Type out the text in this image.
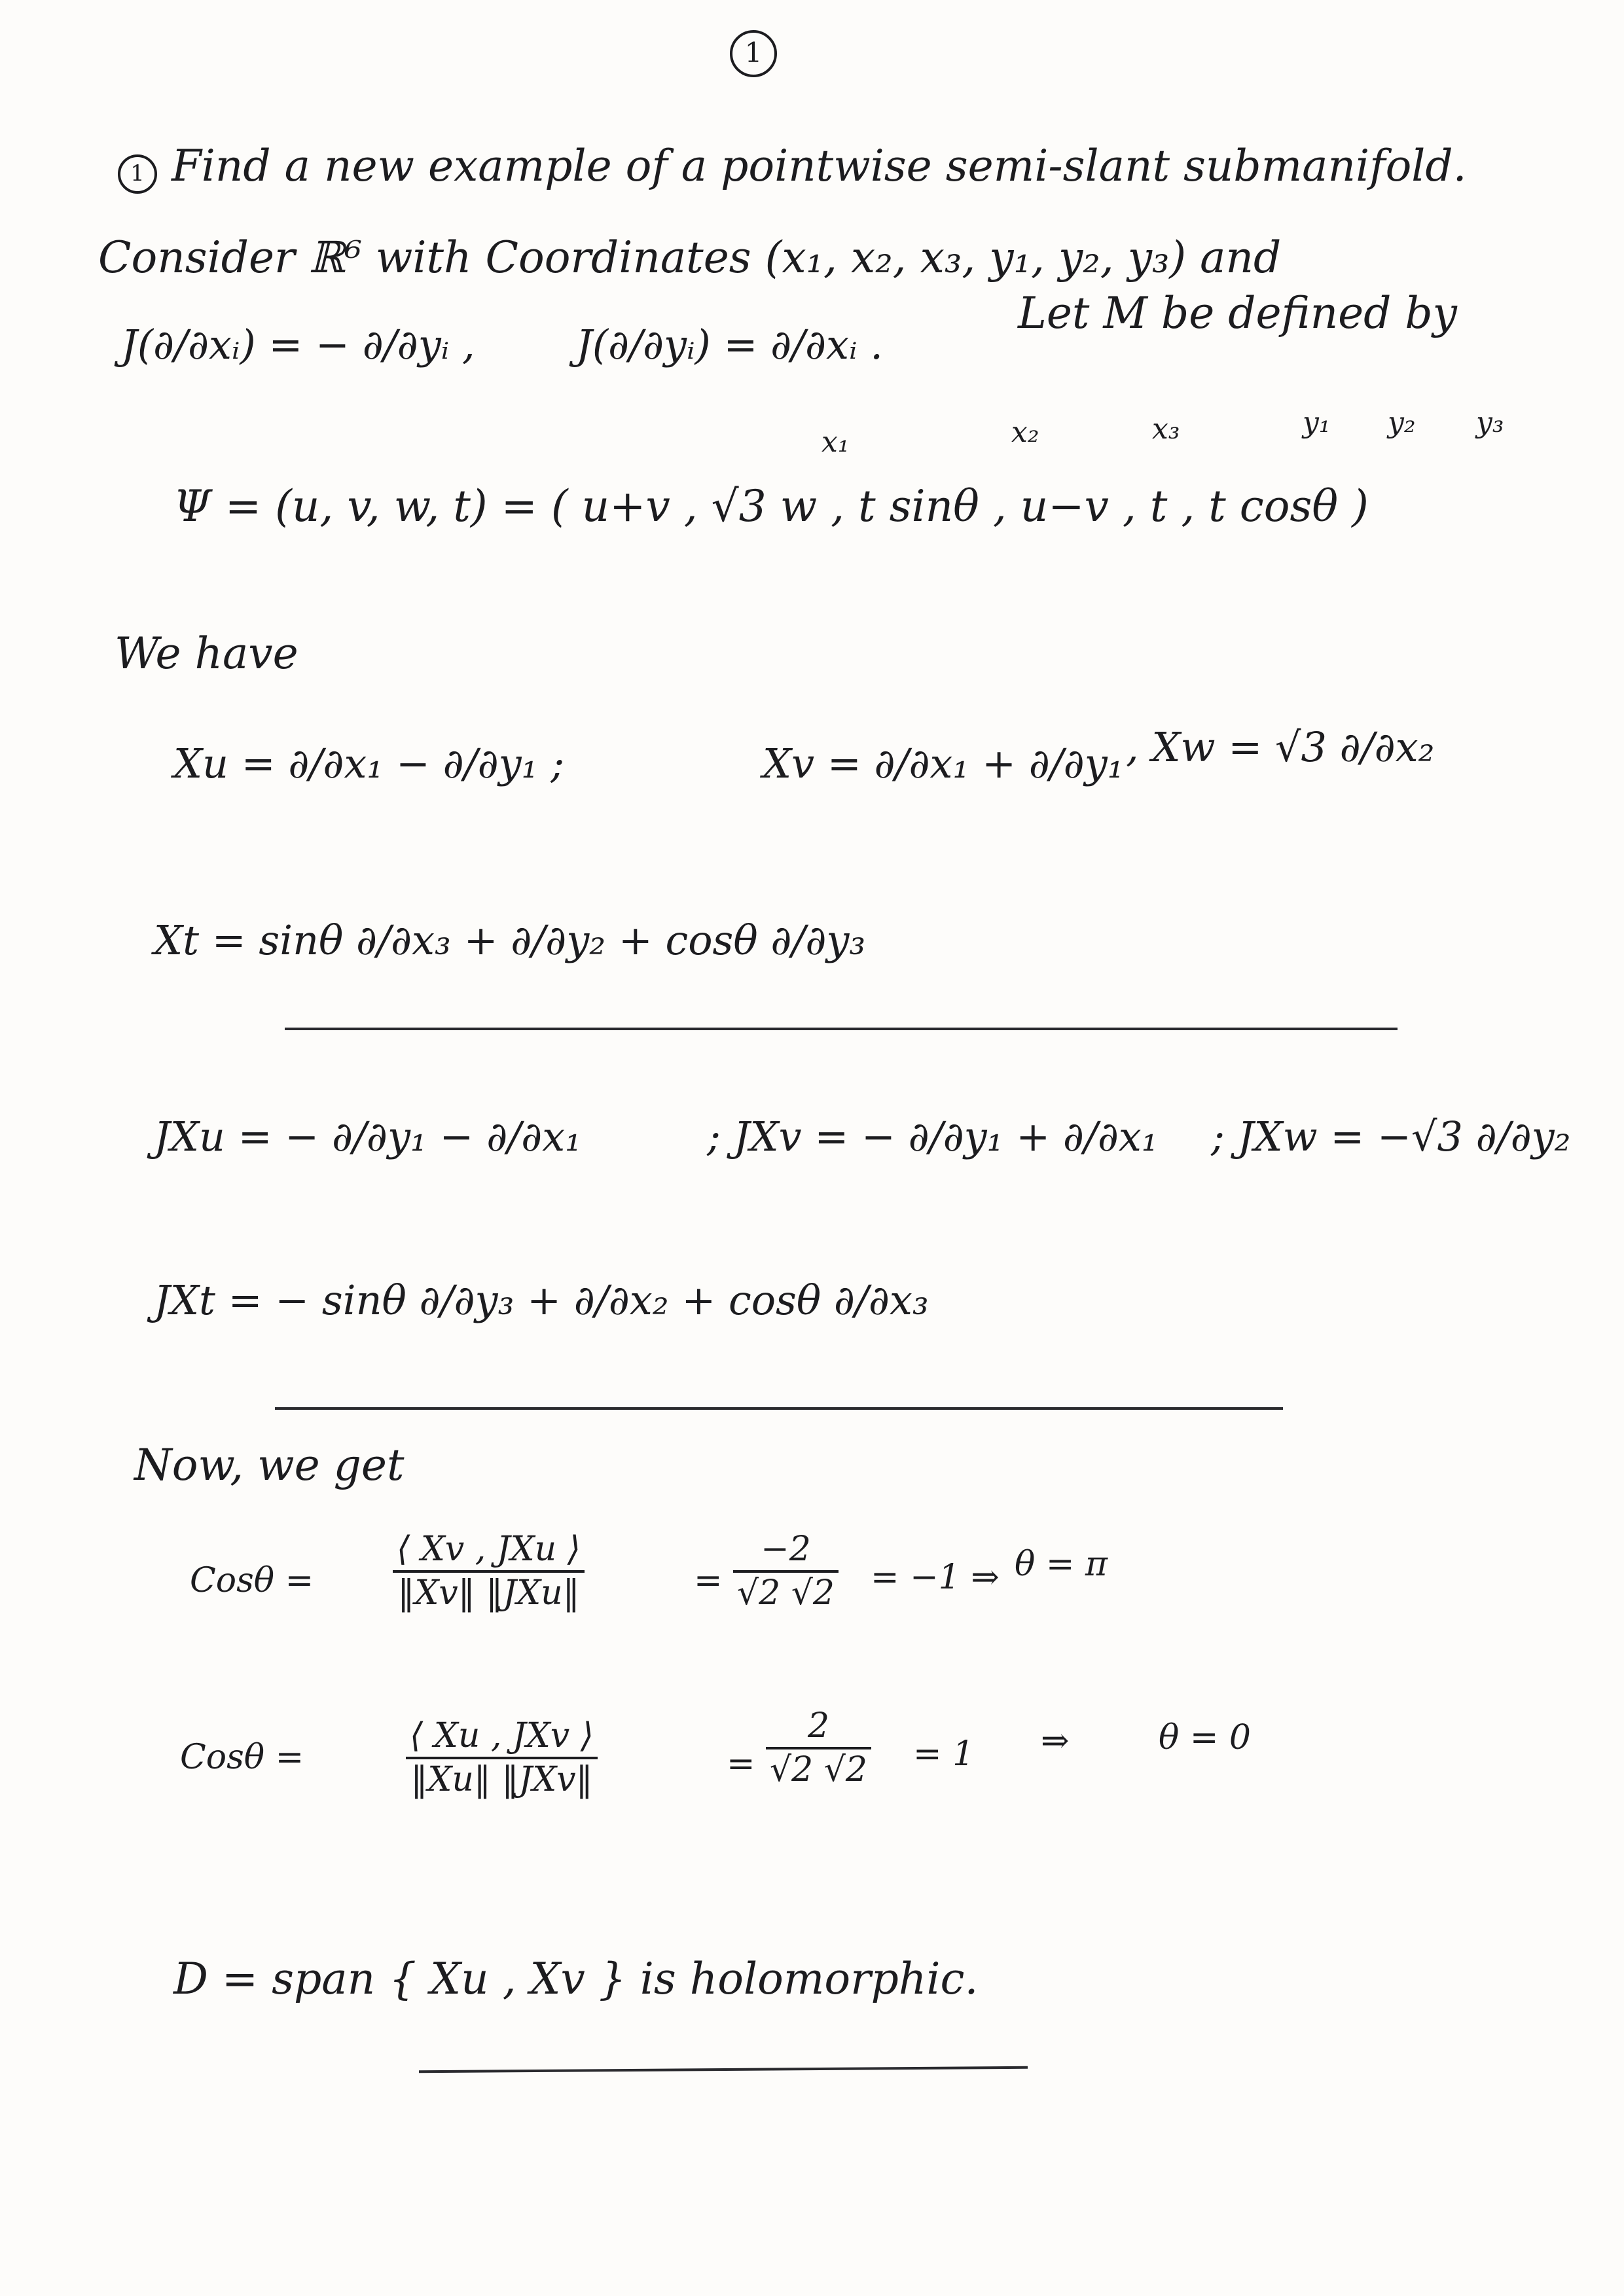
1
1 Find a new example of a pointwise semi-slant submanifold.
Consider ℝ⁶ with Coordinates (x₁, x₂, x₃, y₁, y₂, y₃) and
J(∂/∂xᵢ) = − ∂/∂yᵢ , J(∂/∂yᵢ) = ∂/∂xᵢ .
Let M be defined by
x₁	x₂	x₃	y₁ y₂ y₃
Ψ = (u, v, w, t) = ( u+v , √3 w , t sinθ , u−v , t , t cosθ )
We have
Xu = ∂/∂x₁ − ∂/∂y₁ ;	Xv = ∂/∂x₁ + ∂/∂y₁ , Xw = √3 ∂/∂x₂
Xt = sinθ ∂/∂x₃ + ∂/∂y₂ + cosθ ∂/∂y₃
JXu = − ∂/∂y₁ − ∂/∂x₁	; JXv = − ∂/∂y₁ + ∂/∂x₁ ; JXw = −√3 ∂/∂y₂
JXt = − sinθ ∂/∂y₃ + ∂/∂x₂ + cosθ ∂/∂x₃
Now, we get
Cosθ =
⟨ Xv , JXu ⟩
‖Xv‖ ‖JXu‖	=
−2
√2 √2 = −1 ⇒ θ = π
Cosθ =
⟨ Xu , JXv ⟩
‖Xu‖ ‖JXv‖	=
2
√2 √2 = 1 ⇒	θ = 0
D = span { Xu , Xv } is holomorphic.
